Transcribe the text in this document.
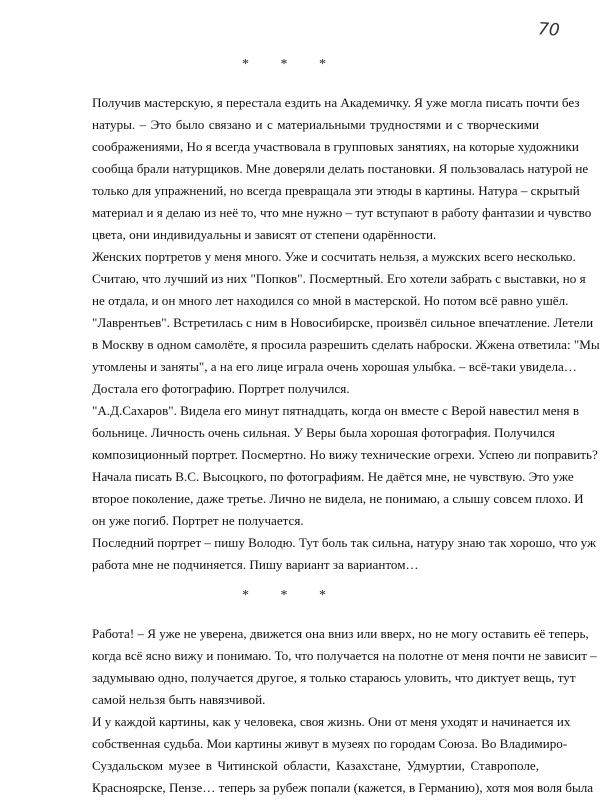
70
* * *
Получив мастерскую, я перестала ездить на Академичку. Я уже могла писать почти без
натуры. – Это было связано и с материальными трудностями и с творческими
соображениями, Но я всегда участвовала в групповых занятиях, на которые художники
сообща брали натурщиков. Мне доверяли делать постановки. Я пользовалась натурой не
только для упражнений, но всегда превращала эти этюды в картины. Натура – скрытый
материал и я делаю из неё то, что мне нужно – тут вступают в работу фантазии и чувство
цвета, они индивидуальны и зависят от степени одарённости.
Женских портретов у меня много. Уже и сосчитать нельзя, а мужских всего несколько.
Считаю, что лучший из них "Попков". Посмертный. Его хотели забрать с выставки, но я
не отдала, и он много лет находился со мной в мастерской. Но потом всё равно ушёл.
"Лаврентьев". Встретилась с ним в Новосибирске, произвёл сильное впечатление. Летели
в Москву в одном самолёте, я просила разрешить сделать наброски. Жжена ответила: "Мы
утомлены и заняты", а на его лице играла очень хорошая улыбка. – всё-таки увидела…
Достала его фотографию. Портрет получился.
"А.Д.Сахаров". Видела его минут пятнадцать, когда он вместе с Верой навестил меня в
больнице. Личность очень сильная. У Веры была хорошая фотография. Получился
композиционный портрет. Посмертно. Но вижу технические огрехи. Успею ли поправить?
Начала писать В.С. Высоцкого, по фотографиям. Не даётся мне, не чувствую. Это уже
второе поколение, даже третье. Лично не видела, не понимаю, а слышу совсем плохо. И
он уже погиб. Портрет не получается.
Последний портрет – пишу Володю. Тут боль так сильна, натуру знаю так хорошо, что уж
работа мне не подчиняется. Пишу вариант за вариантом…
* * *
Работа! – Я уже не уверена, движется она вниз или вверх, но не могу оставить её теперь,
когда всё ясно вижу и понимаю. То, что получается на полотне от меня почти не зависит –
задумываю одно, получается другое, я только стараюсь уловить, что диктует вещь, тут
самой нельзя быть навязчивой.
И у каждой картины, как у человека, своя жизнь. Они от меня уходят и начинается их
собственная судьба. Мои картины живут в музеях по городам Союза. Во Владимиро-
Суздальском музее в Читинской области, Казахстане, Удмуртии, Ставрополе,
Красноярске, Пензе… теперь за рубеж попали (кажется, в Германию), хотя моя воля была
